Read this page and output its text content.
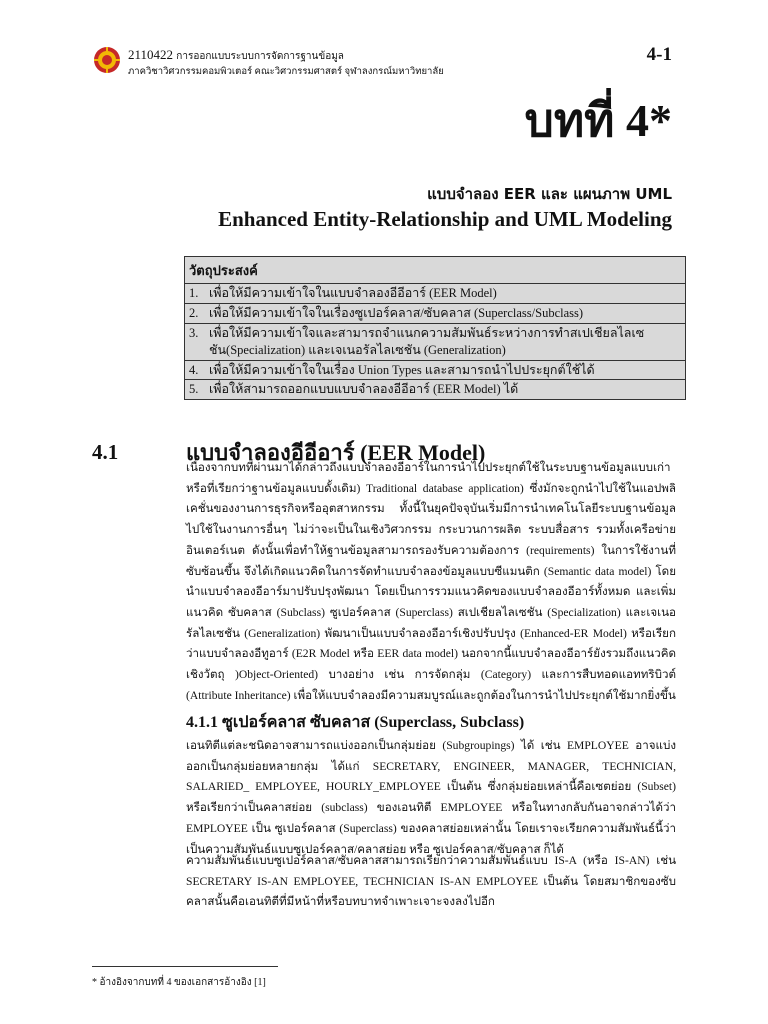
2110422 การออกแบบระบบการจัดการฐานข้อมูล
ภาควิชาวิศวกรรมคอมพิวเตอร์ คณะวิศวกรรมศาสตร์ จุฬาลงกรณ์มหาวิทยาลัย
4-1
บทที่ 4*
แบบจำลอง EER และ แผนภาพ UML
Enhanced Entity-Relationship and UML Modeling
วัตถุประสงค์
1. เพื่อให้มีความเข้าใจในแบบจำลองอีอีอาร์ (EER Model)
2. เพื่อให้มีความเข้าใจในเรื่องซูเปอร์คลาส/ซับคลาส (Superclass/Subclass)
3. เพื่อให้มีความเข้าใจและสามารถจำแนกความสัมพันธ์ระหว่างการทำสเปเชียลไลเซชัน(Specialization) และเจเนอรัลไลเซชัน (Generalization)
4. เพื่อให้มีความเข้าใจในเรื่อง Union Types และสามารถนำไปประยุกต์ใช้ได้
5. เพื่อให้สามารถออกแบบแบบจำลองอีอีอาร์ (EER Model) ได้
4.1	แบบจำลองอีอีอาร์ (EER Model)
เนื่องจากบทที่ผ่านมาได้กล่าวถึงแบบจำลองอีอาร์ในการนำไปประยุกต์ใช้ในระบบฐานข้อมูลแบบเก่า หรือที่เรียกว่าฐานข้อมูลแบบดั้งเดิม) Traditional database application) ซึ่งมักจะถูกนำไปใช้ในแอปพลิเคชั่นของงานการธุรกิจหรืออุตสาหกรรม ทั้งนี้ในยุคปัจจุบันเริ่มมีการนำเทคโนโลยีระบบฐานข้อมูลไปใช้ในงานการอื่นๆ ไม่ว่าจะเป็นในเชิงวิศวกรรม กระบวนการผลิต ระบบสื่อสาร รวมทั้งเครือข่ายอินเตอร์เนต ดังนั้นเพื่อทำให้ฐานข้อมูลสามารถรองรับความต้องการ (requirements) ในการใช้งานที่ซับซ้อนขึ้น จึงได้เกิดแนวคิดในการจัดทำแบบจำลองข้อมูลแบบซีแมนติก (Semantic data model) โดยนำแบบจำลองอีอาร์มาปรับปรุงพัฒนา โดยเป็นการรวมแนวคิดของแบบจำลองอีอาร์ทั้งหมด และเพิ่มแนวคิด ซับคลาส (Subclass) ซูเปอร์คลาส (Superclass) สเปเชียลไลเซชัน (Specialization) และเจเนอรัลไลเซชัน (Generalization) พัฒนาเป็นแบบจำลองอีอาร์เชิงปรับปรุง (Enhanced-ER Model) หรือเรียกว่าแบบจำลองอีทูอาร์ (E2R Model หรือ EER data model) นอกจากนี้แบบจำลองอีอาร์ยังรวมถึงแนวคิดเชิงวัตถุ )Object-Oriented) บางอย่าง เช่น การจัดกลุ่ม (Category) และการสืบทอดแอททริบิวต์ (Attribute Inheritance) เพื่อให้แบบจำลองมีความสมบูรณ์และถูกต้องในการนำไปประยุกต์ใช้มากยิ่งขึ้น
4.1.1 ซูเปอร์คลาส ซับคลาส (Superclass, Subclass)
เอนทิตีแต่ละชนิดอาจสามารถแบ่งออกเป็นกลุ่มย่อย (Subgroupings) ได้ เช่น EMPLOYEE อาจแบ่งออกเป็นกลุ่มย่อยหลายกลุ่ม ได้แก่ SECRETARY, ENGINEER, MANAGER, TECHNICIAN, SALARIED_ EMPLOYEE, HOURLY_EMPLOYEE เป็นต้น ซึ่งกลุ่มย่อยเหล่านี้คือเซตย่อย (Subset) หรือเรียกว่าเป็นคลาสย่อย (subclass) ของเอนทิตี EMPLOYEE หรือในทางกลับกันอาจกล่าวได้ว่า EMPLOYEE เป็น ซูเปอร์คลาส (Superclass) ของคลาสย่อยเหล่านั้น โดยเราจะเรียกความสัมพันธ์นี้ว่าเป็นความสัมพันธ์แบบซูเปอร์คลาส/คลาสย่อย หรือ ซูเปอร์คลาส/ซับคลาส ก็ได้
ความสัมพันธ์แบบซูเปอร์คลาส/ซับคลาสสามารถเรียกว่าความสัมพันธ์แบบ IS-A (หรือ IS-AN) เช่น SECRETARY IS-AN EMPLOYEE, TECHNICIAN IS-AN EMPLOYEE เป็นต้น โดยสมาชิกของซับคลาสนั้นคือเอนทิตีที่มีหน้าที่หรือบทบาทจำเพาะเจาะจงลงไปอีก
* อ้างอิงจากบทที่ 4 ของเอกสารอ้างอิง [1]
